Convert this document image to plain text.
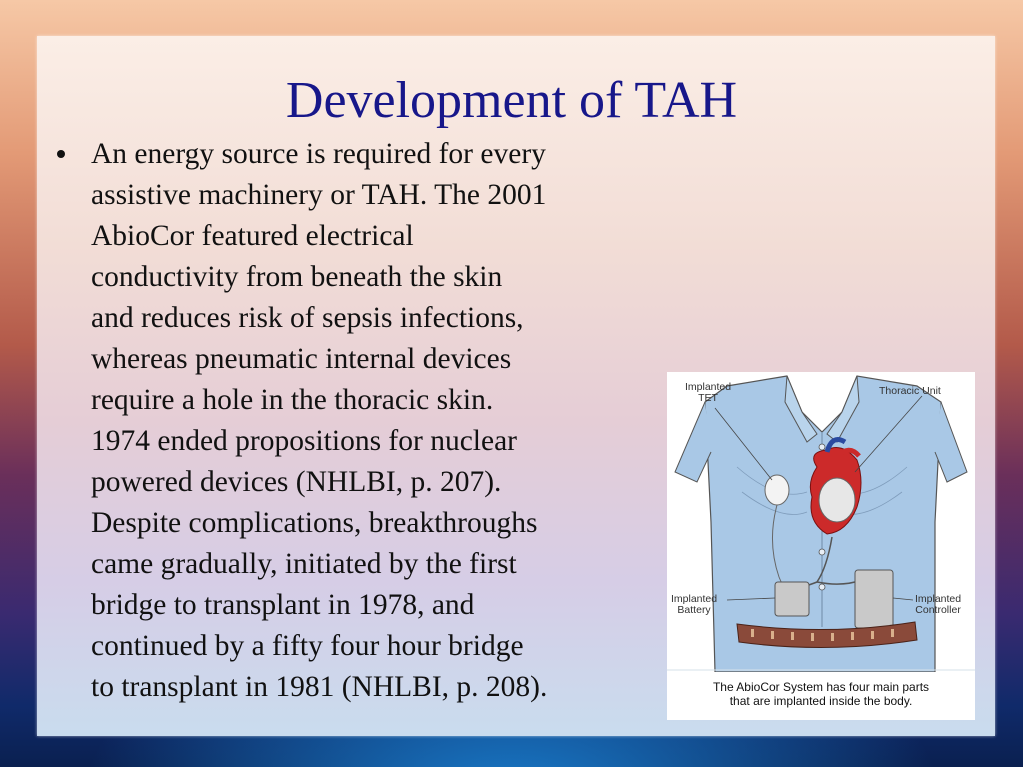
Development of TAH

An energy source is required for every
assistive machinery or TAH. The 2001
AbioCor featured electrical
conductivity from beneath the skin
and reduces risk of sepsis infections,
whereas pneumatic internal devices
require a hole in the thoracic skin.
1974 ended propositions for nuclear
powered devices (NHLBI, p. 207).
Despite complications, breakthroughs
came gradually, initiated by the first
bridge to transplant in 1978, and
continued by a fifty four hour bridge
to transplant in 1981 (NHLBI, p. 208).

Implanted
TET
Thoracic Unit
Implanted
Battery
Implanted
Controller
The AbioCor System has four main parts
that are implanted inside the body.
